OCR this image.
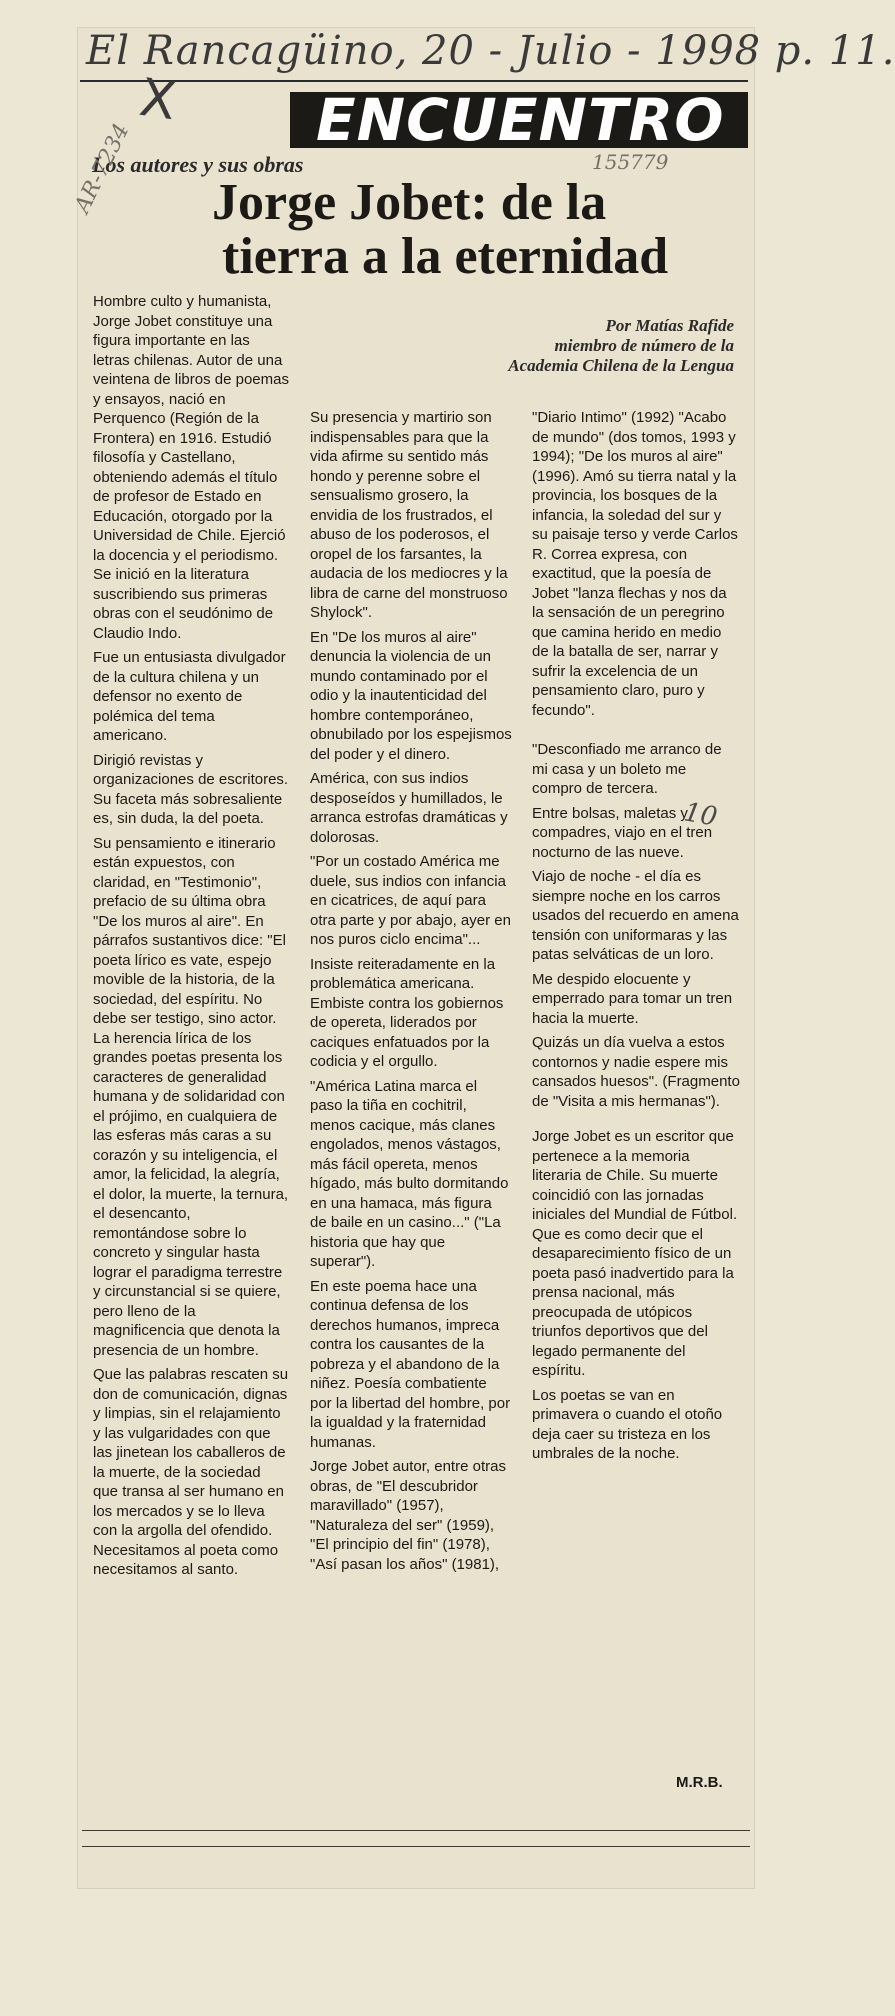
El Rancagüino, 20 - Julio - 1998 p. 11.
X	ENCUENTRO
Los autores y sus obras	155779
AR-7234 Jorge Jobet: de la
tierra a la eternidad
Por Matías Rafide
miembro de número de la
Academia Chilena de la Lengua

Hombre culto y humanista, Jorge Jobet constituye una figura importante en las letras chilenas. Autor de una veintena de libros de poemas y ensayos, nació en Perquenco (Región de la Frontera) en 1916. Estudió filosofía y Castellano, obteniendo además el título de profesor de Estado en Educación, otorgado por la Universidad de Chile. Ejerció la docencia y el periodismo. Se inició en la literatura suscribiendo sus primeras obras con el seudónimo de Claudio Indo.

Fue un entusiasta divulgador de la cultura chilena y un defensor no exento de polémica del tema americano.

Dirigió revistas y organizaciones de escritores. Su faceta más sobresaliente es, sin duda, la del poeta.

Su pensamiento e itinerario están expuestos, con claridad, en "Testimonio", prefacio de su última obra "De los muros al aire". En párrafos sustantivos dice: "El poeta lírico es vate, espejo movible de la historia, de la sociedad, del espíritu. No debe ser testigo, sino actor. La herencia lírica de los grandes poetas presenta los caracteres de generalidad humana y de solidaridad con el prójimo, en cualquiera de las esferas más caras a su corazón y su inteligencia, el amor, la felicidad, la alegría, el dolor, la muerte, la ternura, el desencanto, remontándose sobre lo concreto y singular hasta lograr el paradigma terrestre y circunstancial si se quiere, pero lleno de la magnificencia que denota la presencia de un hombre.

Que las palabras rescaten su don de comunicación, dignas y limpias, sin el relajamiento y las vulgaridades con que las jinetean los caballeros de la muerte, de la sociedad que transa al ser humano en los mercados y se lo lleva con la argolla del ofendido. Necesitamos al poeta como necesitamos al santo.

Su presencia y martirio son indispensables para que la vida afirme su sentido más hondo y perenne sobre el sensualismo grosero, la envidia de los frustrados, el abuso de los poderosos, el oropel de los farsantes, la audacia de los mediocres y la libra de carne del monstruoso Shylock".

En "De los muros al aire" denuncia la violencia de un mundo contaminado por el odio y la inautenticidad del hombre contemporáneo, obnubilado por los espejismos del poder y el dinero.

América, con sus indios desposeídos y humillados, le arranca estrofas dramáticas y dolorosas.

"Por un costado América me duele, sus indios con infancia en cicatrices, de aquí para otra parte y por abajo, ayer en nos puros ciclo encima"...

Insiste reiteradamente en la problemática americana. Embiste contra los gobiernos de opereta, liderados por caciques enfatuados por la codicia y el orgullo.

"América Latina marca el paso la tiña en cochitril, menos cacique, más clanes engolados, menos vástagos, más fácil opereta, menos hígado, más bulto dormitando en una hamaca, más figura de baile en un casino..." ("La historia que hay que superar").

En este poema hace una continua defensa de los derechos humanos, impreca contra los causantes de la pobreza y el abandono de la niñez. Poesía combatiente por la libertad del hombre, por la igualdad y la fraternidad humanas.

Jorge Jobet autor, entre otras obras, de "El descubridor maravillado" (1957), "Naturaleza del ser" (1959), "El principio del fin" (1978), "Así pasan los años" (1981),

"Diario Intimo" (1992) "Acabo de mundo" (dos tomos, 1993 y 1994); "De los muros al aire" (1996). Amó su tierra natal y la provincia, los bosques de la infancia, la soledad del sur y su paisaje terso y verde Carlos R. Correa expresa, con exactitud, que la poesía de Jobet "lanza flechas y nos da la sensación de un peregrino que camina herido en medio de la batalla de ser, narrar y sufrir la excelencia de un pensamiento claro, puro y fecundo".

"Desconfiado me arranco de mi casa y un boleto me compro de tercera.

Entre bolsas, maletas y compadres, viajo en el tren nocturno de las nueve.

Viajo de noche - el día es siempre noche en los carros usados del recuerdo en amena tensión con uniformaras y las patas selváticas de un loro.

Me despido elocuente y emperrado para tomar un tren hacia la muerte.

Quizás un día vuelva a estos contornos y nadie espere mis cansados huesos". (Fragmento de "Visita a mis hermanas").

Jorge Jobet es un escritor que pertenece a la memoria literaria de Chile. Su muerte coincidió con las jornadas iniciales del Mundial de Fútbol. Que es como decir que el desaparecimiento físico de un poeta pasó inadvertido para la prensa nacional, más preocupada de utópicos triunfos deportivos que del legado permanente del espíritu.

Los poetas se van en primavera o cuando el otoño deja caer su tristeza en los umbrales de la noche.

10
M.R.B.
